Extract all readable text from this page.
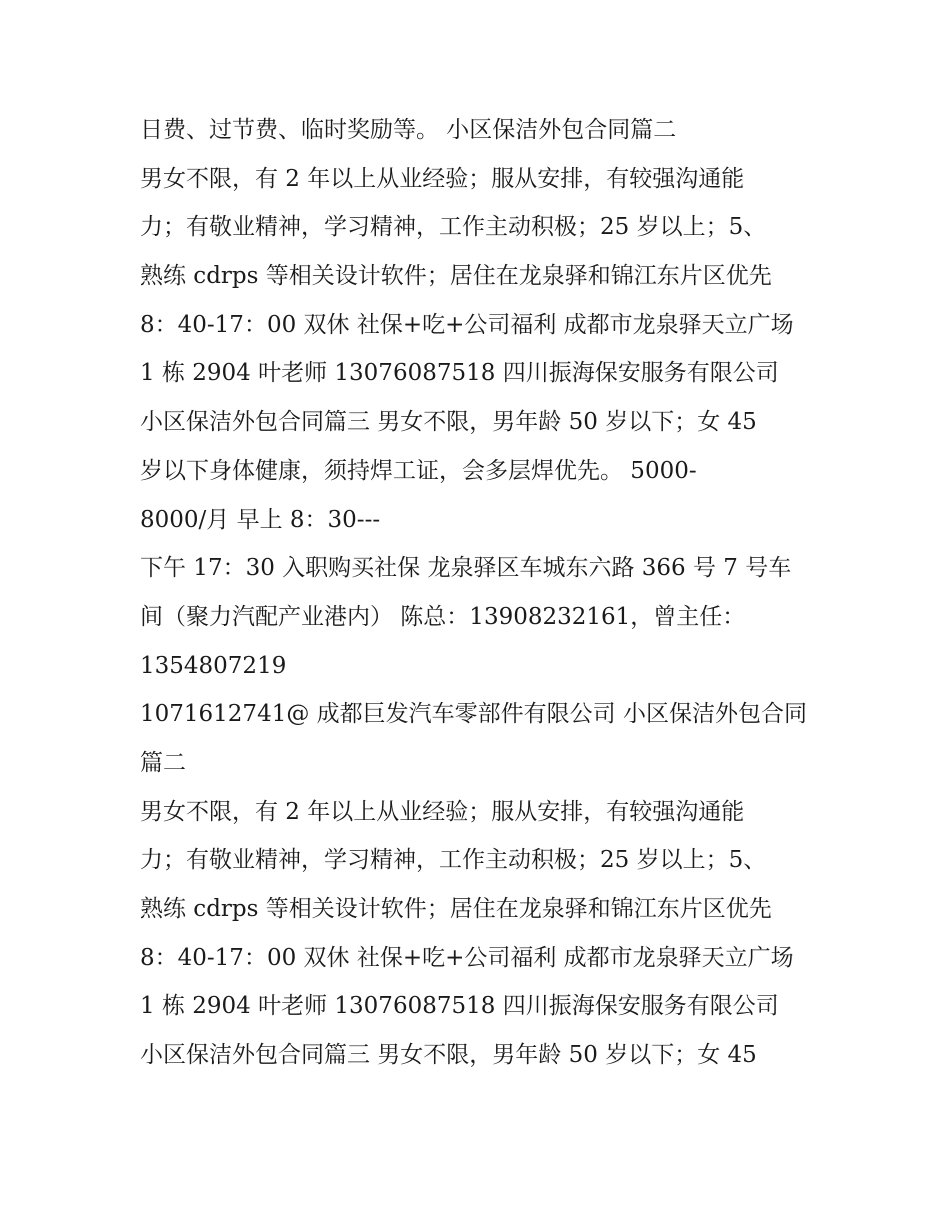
日费、过节费、临时奖励等。 小区保洁外包合同篇二
男女不限，有 2 年以上从业经验；服从安排，有较强沟通能
力；有敬业精神，学习精神，工作主动积极；25 岁以上；5、
熟练 cdrps 等相关设计软件；居住在龙泉驿和锦江东片区优先
8：40-17：00 双休 社保+吃+公司福利 成都市龙泉驿天立广场
1 栋 2904 叶老师 13076087518 四川振海保安服务有限公司
小区保洁外包合同篇三 男女不限，男年龄 50 岁以下；女 45
岁以下身体健康，须持焊工证，会多层焊优先。 5000-
8000/月 早上 8：30---
下午 17：30 入职购买社保 龙泉驿区车城东六路 366 号 7 号车
间（聚力汽配产业港内） 陈总：13908232161，曾主任：
1354807219
1071612741@ 成都巨发汽车零部件有限公司 小区保洁外包合同
篇二
男女不限，有 2 年以上从业经验；服从安排，有较强沟通能
力；有敬业精神，学习精神，工作主动积极；25 岁以上；5、
熟练 cdrps 等相关设计软件；居住在龙泉驿和锦江东片区优先
8：40-17：00 双休 社保+吃+公司福利 成都市龙泉驿天立广场
1 栋 2904 叶老师 13076087518 四川振海保安服务有限公司
小区保洁外包合同篇三 男女不限，男年龄 50 岁以下；女 45
